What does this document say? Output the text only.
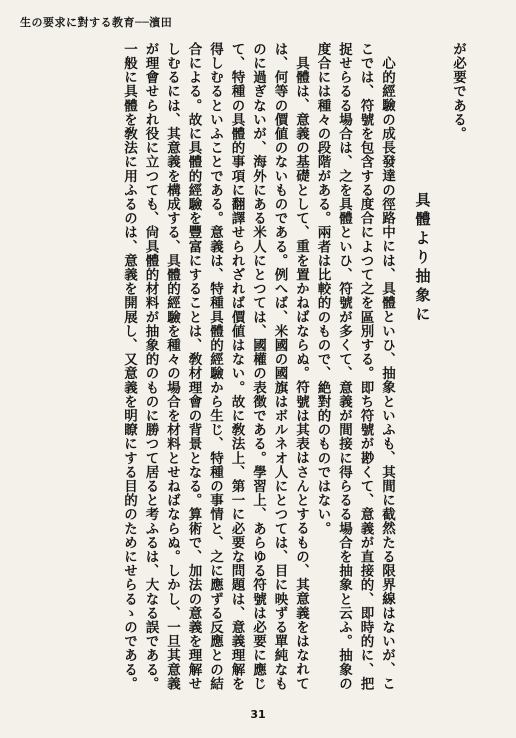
生の要求に對する教育──濱田

が必要である。

具體より抽象に

心的經驗の成長發達の徑路中には、具體といひ、抽象といふも、其間に截然たる限界線はないが、ここでは、符號を包含する度合によつて之を區別する。即ち符號が尠くて、意義が直接的、即時的に、把捉せらるる場合は、之を具體といひ、符號が多くて、意義が間接に得らるる場合を抽象と云ふ。抽象の度合には種々の段階がある。兩者は比較的のもので、絶對的のものではない。

具體は、意義の基礎として、重を置かねばならぬ。符號は其表はさんとするもの、其意義をはなれては、何等の價値のないものである。例へば、米國の國旗はボルネオ人にとつては、目に映ずる單純なものに過ぎないが、海外にある米人にとつては、國權の表徴である。學習上、あらゆる符號は必要に應じて、特種の具體的事項に翻譯せられざれば價値はない。故に敎法上、第一に必要な問題は、意義理解を得しむるといふことである。意義は、特種具體的經驗から生じ、特種の事情と、之に應ずる反應との結合による。故に具體的經驗を豐富にすることは、敎材理會の背景となる。算術で、加法の意義を理解せしむるには、其意義を構成する、具體的經驗を種々の場合を材料とせねばならぬ。しかし、一旦其意義が理會せられ役に立つても、尙具體的材料が抽象的のものに勝つて居ると考ふるは、大なる誤である。一般に具體を敎法に用ふるのは、意義を開展し、又意義を明瞭にする目的のためにせらるゝのである。

31
